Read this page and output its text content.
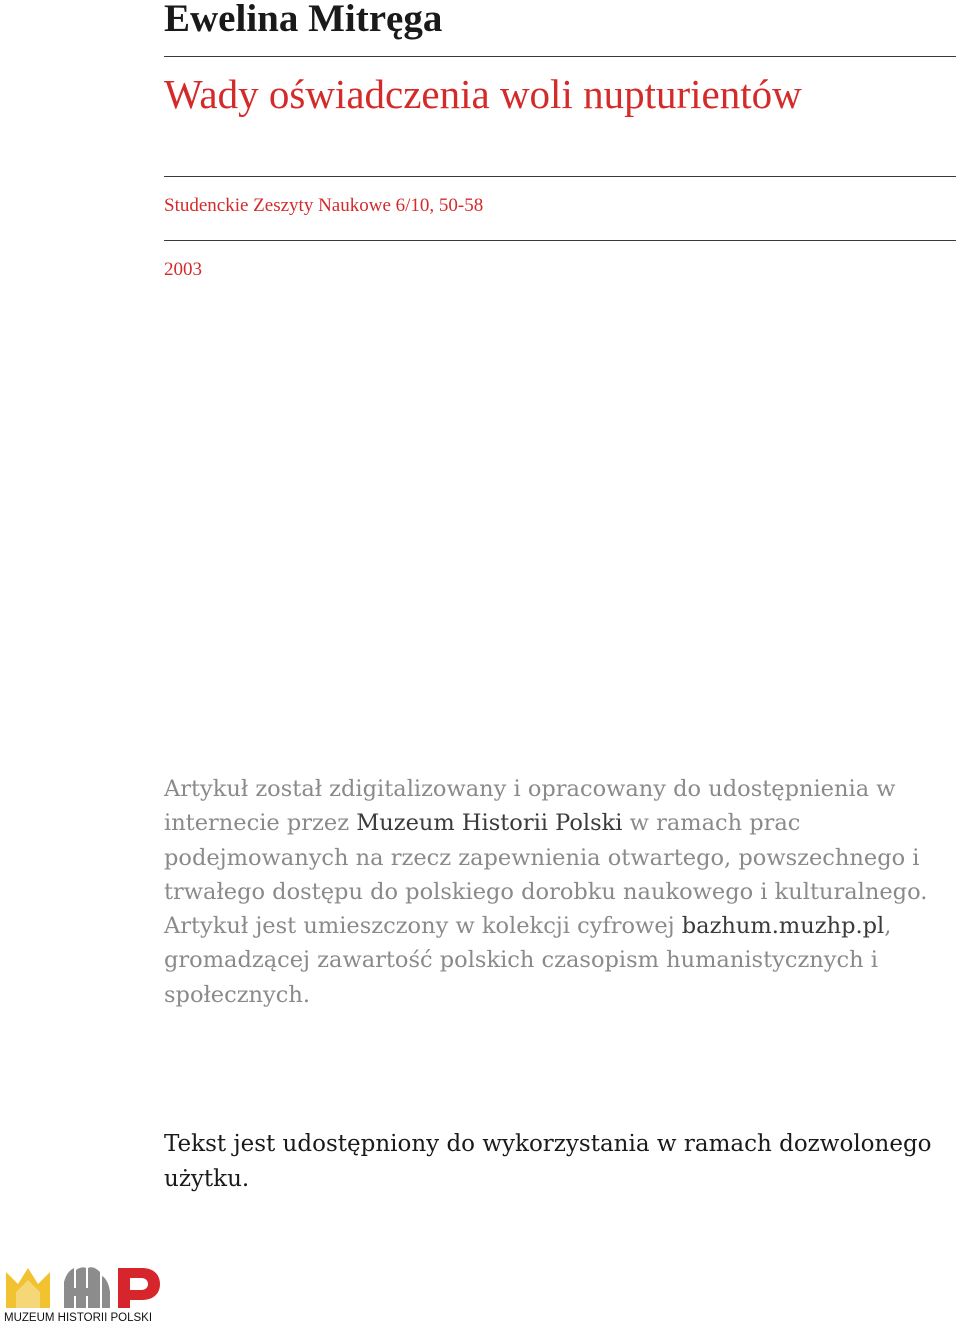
Ewelina Mitręga
Wady oświadczenia woli nupturientów
Studenckie Zeszyty Naukowe 6/10, 50-58
2003

Artykuł został zdigitalizowany i opracowany do udostępnienia w internecie przez Muzeum Historii Polski w ramach prac podejmowanych na rzecz zapewnienia otwartego, powszechnego i trwałego dostępu do polskiego dorobku naukowego i kulturalnego. Artykuł jest umieszczony w kolekcji cyfrowej bazhum.muzhp.pl, gromadzącej zawartość polskich czasopism humanistycznych i społecznych.

Tekst jest udostępniony do wykorzystania w ramach dozwolonego użytku.

MUZEUM HISTORII POLSKI
